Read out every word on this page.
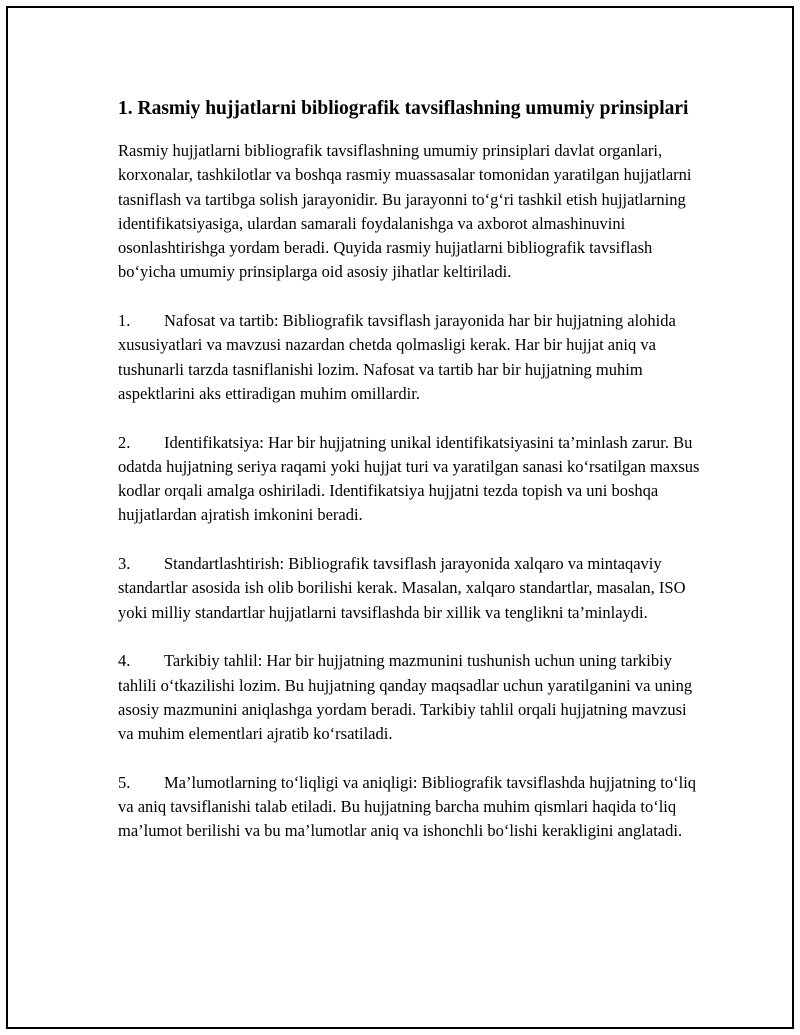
1. Rasmiy hujjatlarni bibliografik tavsiflashning umumiy prinsiplari

Rasmiy hujjatlarni bibliografik tavsiflashning umumiy prinsiplari davlat organlari, korxonalar, tashkilotlar va boshqa rasmiy muassasalar tomonidan yaratilgan hujjatlarni tasniflash va tartibga solish jarayonidir. Bu jarayonni to‘g‘ri tashkil etish hujjatlarning identifikatsiyasiga, ulardan samarali foydalanishga va axborot almashinuvini osonlashtirishga yordam beradi. Quyida rasmiy hujjatlarni bibliografik tavsiflash bo‘yicha umumiy prinsiplarga oid asosiy jihatlar keltiriladi.

1. Nafosat va tartib: Bibliografik tavsiflash jarayonida har bir hujjatning alohida xususiyatlari va mavzusi nazardan chetda qolmasligi kerak. Har bir hujjat aniq va tushunarli tarzda tasniflanishi lozim. Nafosat va tartib har bir hujjatning muhim aspektlarini aks ettiradigan muhim omillardir.

2. Identifikatsiya: Har bir hujjatning unikal identifikatsiyasini ta’minlash zarur. Bu odatda hujjatning seriya raqami yoki hujjat turi va yaratilgan sanasi ko‘rsatilgan maxsus kodlar orqali amalga oshiriladi. Identifikatsiya hujjatni tezda topish va uni boshqa hujjatlardan ajratish imkonini beradi.

3. Standartlashtirish: Bibliografik tavsiflash jarayonida xalqaro va mintaqaviy standartlar asosida ish olib borilishi kerak. Masalan, xalqaro standartlar, masalan, ISO yoki milliy standartlar hujjatlarni tavsiflashda bir xillik va tenglikni ta’minlaydi.

4. Tarkibiy tahlil: Har bir hujjatning mazmunini tushunish uchun uning tarkibiy tahlili o‘tkazilishi lozim. Bu hujjatning qanday maqsadlar uchun yaratilganini va uning asosiy mazmunini aniqlashga yordam beradi. Tarkibiy tahlil orqali hujjatning mavzusi va muhim elementlari ajratib ko‘rsatiladi.

5. Ma’lumotlarning to‘liqligi va aniqligi: Bibliografik tavsiflashda hujjatning to‘liq va aniq tavsiflanishi talab etiladi. Bu hujjatning barcha muhim qismlari haqida to‘liq ma’lumot berilishi va bu ma’lumotlar aniq va ishonchli bo‘lishi kerakligini anglatadi.
